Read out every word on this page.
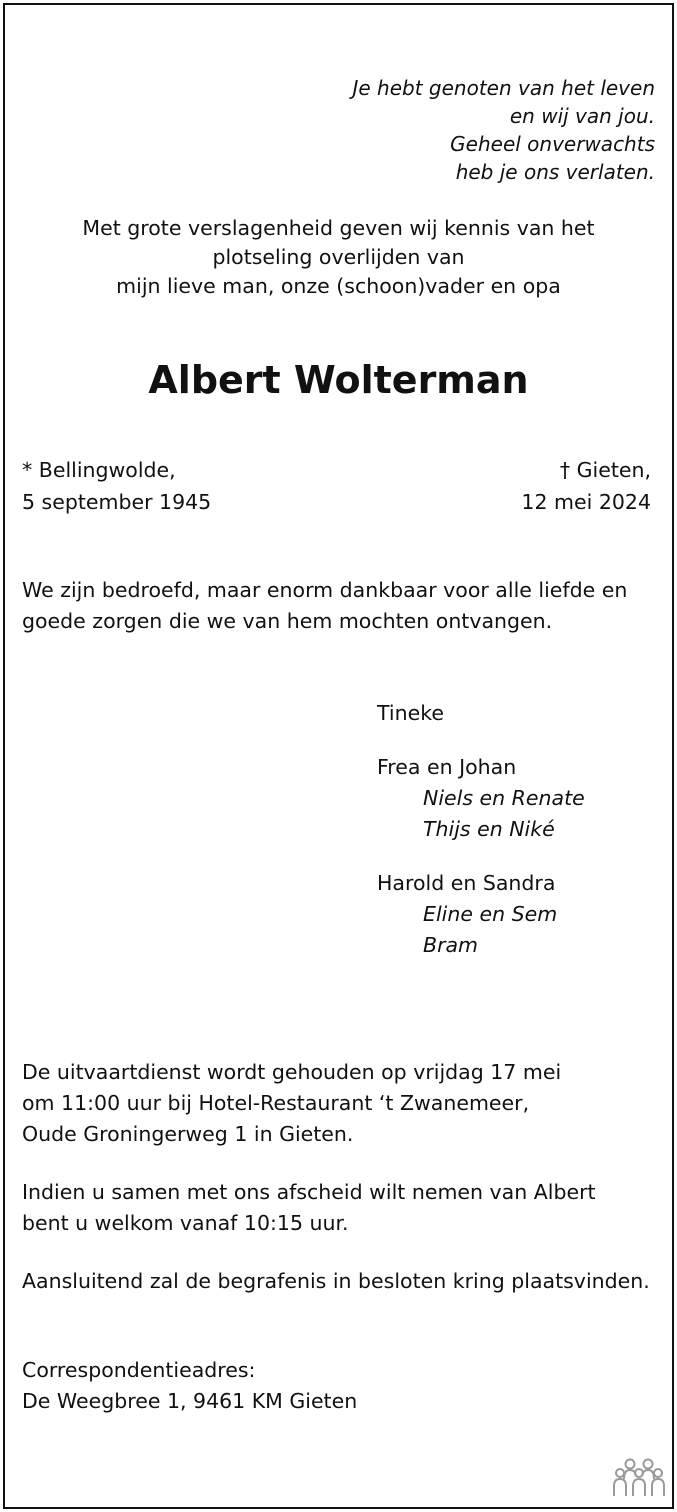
Je hebt genoten van het leven
en wij van jou.
Geheel onverwachts
heb je ons verlaten.
Met grote verslagenheid geven wij kennis van het
plotseling overlijden van
mijn lieve man, onze (schoon)vader en opa
Albert Wolterman
* Bellingwolde,
5 september 1945
† Gieten,
12 mei 2024
We zijn bedroefd, maar enorm dankbaar voor alle liefde en
goede zorgen die we van hem mochten ontvangen.
Tineke
Frea en Johan
Niels en Renate
Thijs en Niké
Harold en Sandra
Eline en Sem
Bram
De uitvaartdienst wordt gehouden op vrijdag 17 mei
om 11:00 uur bij Hotel-Restaurant ‘t Zwanemeer,
Oude Groningerweg 1 in Gieten.
Indien u samen met ons afscheid wilt nemen van Albert
bent u welkom vanaf 10:15 uur.
Aansluitend zal de begrafenis in besloten kring plaatsvinden.
Correspondentieadres:
De Weegbree 1, 9461 KM Gieten
